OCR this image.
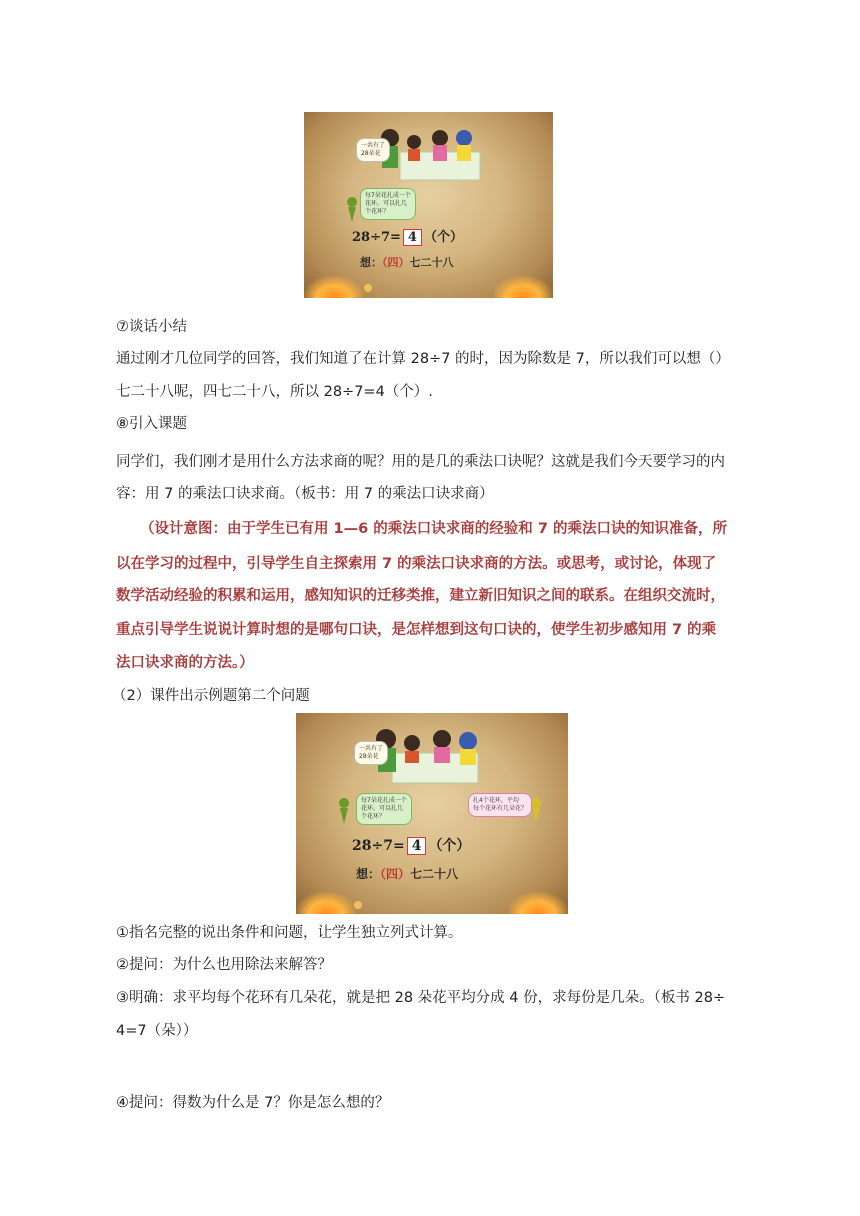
一共有了
28朵花
每7朵花扎成一个
花环，可以扎几
个花环？
28÷7= 4 （个）
想：（四）七二十八
⑦谈话小结
通过刚才几位同学的回答，我们知道了在计算 28÷7 的时，因为除数是 7，所以我们可以想（）
七二十八呢，四七二十八，所以 28÷7=4（个）.
⑧引入课题
同学们，我们刚才是用什么方法求商的呢？用的是几的乘法口诀呢？这就是我们今天要学习的内
容：用 7 的乘法口诀求商。（板书：用 7 的乘法口诀求商）
（设计意图：由于学生已有用 1—6 的乘法口诀求商的经验和 7 的乘法口诀的知识准备，所
以在学习的过程中，引导学生自主探索用 7 的乘法口诀求商的方法。或思考，或讨论，体现了
数学活动经验的积累和运用，感知知识的迁移类推，建立新旧知识之间的联系。在组织交流时，
重点引导学生说说计算时想的是哪句口诀，是怎样想到这句口诀的，使学生初步感知用 7 的乘
法口诀求商的方法。）
（2）课件出示例题第二个问题
一共有了
28朵花
每7朵花扎成一个
花环，可以扎几
个花环？
扎4个花环，平均
每个花环有几朵花？
28÷7= 4 （个）
想：（四）七二十八
①指名完整的说出条件和问题，让学生独立列式计算。
②提问：为什么也用除法来解答？
③明确：求平均每个花环有几朵花，就是把 28 朵花平均分成 4 份，求每份是几朵。（板书 28÷
4=7（朵））
④提问：得数为什么是 7？你是怎么想的？
